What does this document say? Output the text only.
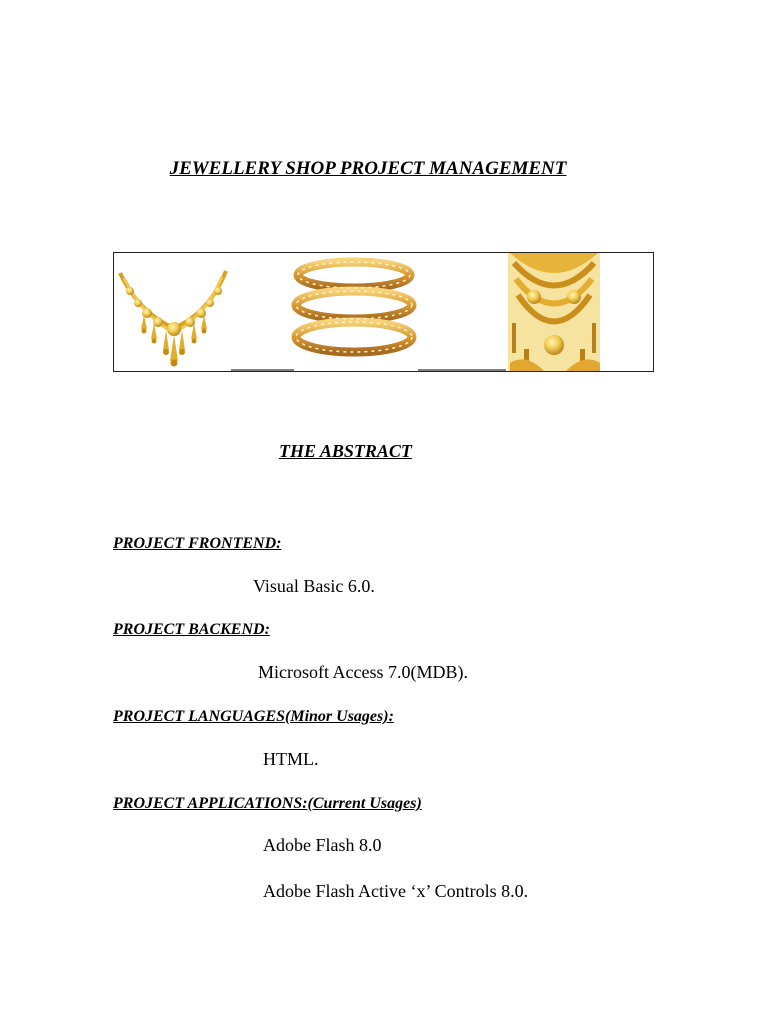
JEWELLERY SHOP PROJECT MANAGEMENT
THE ABSTRACT
PROJECT FRONTEND:
Visual Basic 6.0.
PROJECT BACKEND:
Microsoft Access 7.0(MDB).
PROJECT LANGUAGES(Minor Usages):
HTML.
PROJECT APPLICATIONS:(Current Usages)
Adobe Flash 8.0
Adobe Flash Active ‘x’ Controls 8.0.
